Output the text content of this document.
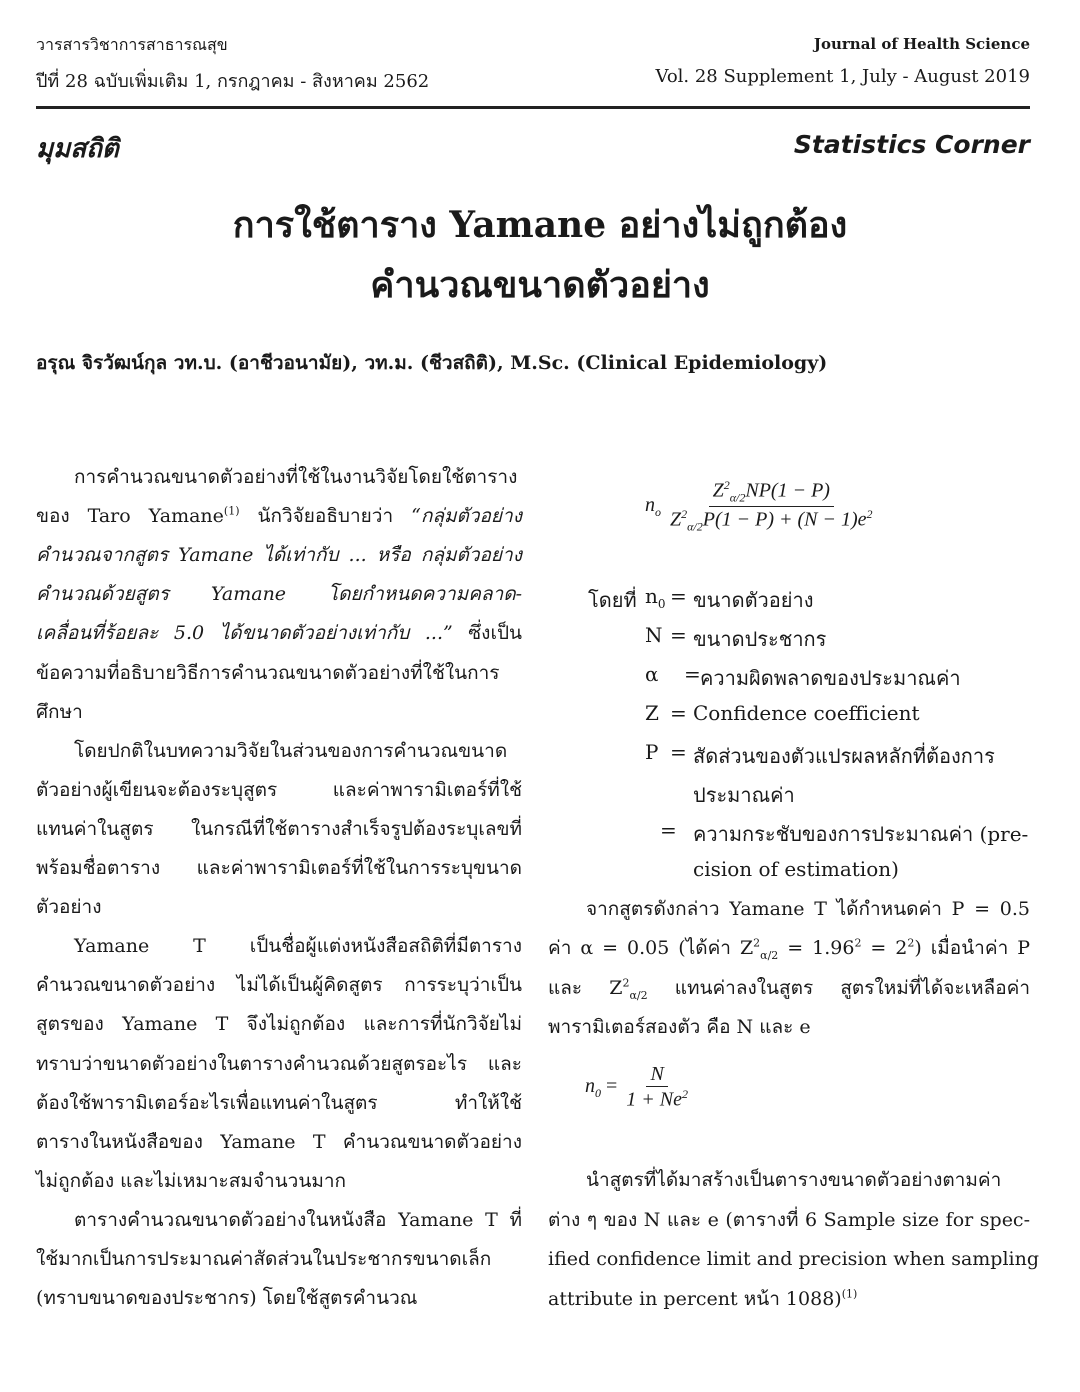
วารสารวิชาการสาธารณสุข	Journal of Health Science
ปีที่ 28 ฉบับเพิ่มเติม 1, กรกฎาคม - สิงหาคม 2562	Vol. 28 Supplement 1, July - August 2019
มุมสถิติ	Statistics Corner
การใช้ตาราง Yamane อย่างไม่ถูกต้อง
คำนวณขนาดตัวอย่าง
อรุณ จิรวัฒน์กุล วท.บ. (อาชีวอนามัย), วท.ม. (ชีวสถิติ), M.Sc. (Clinical Epidemiology)
การคำนวณขนาดตัวอย่างที่ใช้ในงานวิจัยโดยใช้ตาราง
ของ Taro Yamane$^{(1)}$ นักวิจัยอธิบายว่า “กลุ่มตัวอย่าง
คำนวณจากสูตร Yamane ได้เท่ากับ ... หรือ กลุ่มตัวอย่าง
คำนวณด้วยสูตร Yamane โดยกำหนดความคลาด-
เคลื่อนที่ร้อยละ 5.0 ได้ขนาดตัวอย่างเท่ากับ ...” ซึ่งเป็น
ข้อความที่อธิบายวิธีการคำนวณขนาดตัวอย่างที่ใช้ในการ
ศึกษา
โดยปกติในบทความวิจัยในส่วนของการคำนวณขนาด
ตัวอย่างผู้เขียนจะต้องระบุสูตร และค่าพารามิเตอร์ที่ใช้
แทนค่าในสูตร ในกรณีที่ใช้ตารางสำเร็จรูปต้องระบุเลขที่
พร้อมชื่อตาราง และค่าพารามิเตอร์ที่ใช้ในการระบุขนาด
ตัวอย่าง
Yamane T เป็นชื่อผู้แต่งหนังสือสถิติที่มีตาราง
คำนวณขนาดตัวอย่าง ไม่ได้เป็นผู้คิดสูตร การระบุว่าเป็น
สูตรของ Yamane T จึงไม่ถูกต้อง และการที่นักวิจัยไม่
ทราบว่าขนาดตัวอย่างในตารางคำนวณด้วยสูตรอะไร และ
ต้องใช้พารามิเตอร์อะไรเพื่อแทนค่าในสูตร ทำให้ใช้
ตารางในหนังสือของ Yamane T คำนวณขนาดตัวอย่าง
ไม่ถูกต้อง และไม่เหมาะสมจำนวนมาก
ตารางคำนวณขนาดตัวอย่างในหนังสือ Yamane T ที่
ใช้มากเป็นการประมาณค่าสัดส่วนในประชากรขนาดเล็ก
(ทราบขนาดของประชากร) โดยใช้สูตรคำนวณ
$n_o \frac{Z^2_{\alpha/2}NP(1 - P)}{Z^2_{\alpha/2}P(1 - P) + (N - 1)e^2}$
โดยที่ $n_0$ = ขนาดตัวอย่าง
N = ขนาดประชากร
α = ความผิดพลาดของประมาณค่า
Z = Confidence coefficient
P = สัดส่วนของตัวแปรผลหลักที่ต้องการ
ประมาณค่า
= ความกระชับของการประมาณค่า (pre-
cision of estimation)
จากสูตรดังกล่าว Yamane T ได้กำหนดค่า P = 0.5
ค่า α = 0.05 (ได้ค่า $Z^2_{\alpha/2} = 1.96^2 = 2^2$) เมื่อนำค่า P
และ $Z^2_{\alpha/2}$ แทนค่าลงในสูตร สูตรใหม่ที่ได้จะเหลือค่า
พารามิเตอร์สองตัว คือ N และ e
$n_0 = \frac{N}{1 + Ne^2}$
นำสูตรที่ได้มาสร้างเป็นตารางขนาดตัวอย่างตามค่า
ต่าง ๆ ของ N และ e (ตารางที่ 6 Sample size for spec-
ified confidence limit and precision when sampling
attribute in percent หน้า 1088)$^{(1)}$
